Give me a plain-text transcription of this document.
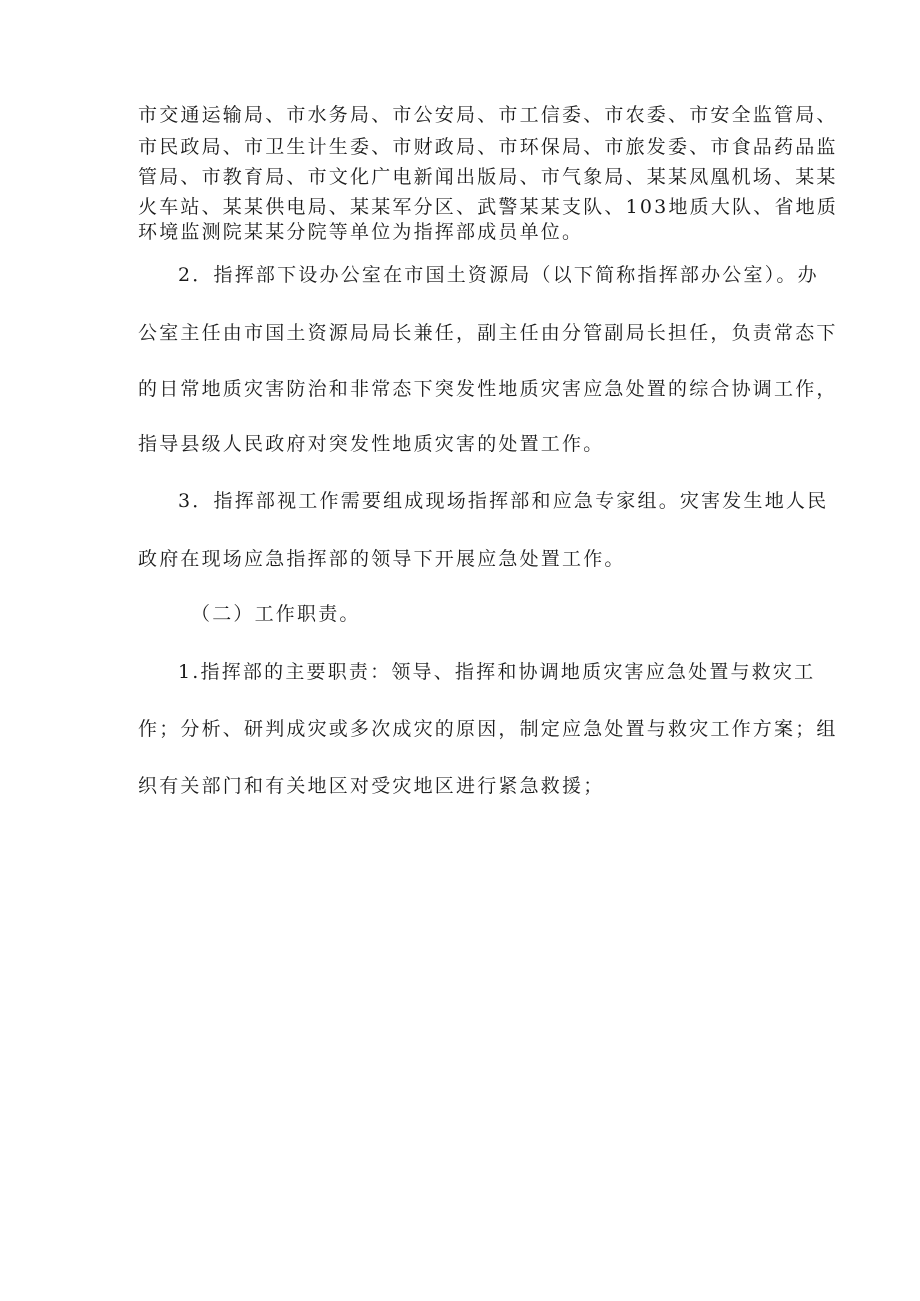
市交通运输局、市水务局、市公安局、市工信委、市农委、市安全监管局、
市民政局、市卫生计生委、市财政局、市环保局、市旅发委、市食品药品监
管局、市教育局、市文化广电新闻出版局、市气象局、某某凤凰机场、某某
火车站、某某供电局、某某军分区、武警某某支队、103地质大队、省地质
环境监测院某某分院等单位为指挥部成员单位。
2．指挥部下设办公室在市国土资源局（以下简称指挥部办公室）。办
公室主任由市国土资源局局长兼任，副主任由分管副局长担任，负责常态下
的日常地质灾害防治和非常态下突发性地质灾害应急处置的综合协调工作，
指导县级人民政府对突发性地质灾害的处置工作。
3．指挥部视工作需要组成现场指挥部和应急专家组。灾害发生地人民
政府在现场应急指挥部的领导下开展应急处置工作。
（二）工作职责。
1.指挥部的主要职责：领导、指挥和协调地质灾害应急处置与救灾工
作；分析、研判成灾或多次成灾的原因，制定应急处置与救灾工作方案；组
织有关部门和有关地区对受灾地区进行紧急救援；
